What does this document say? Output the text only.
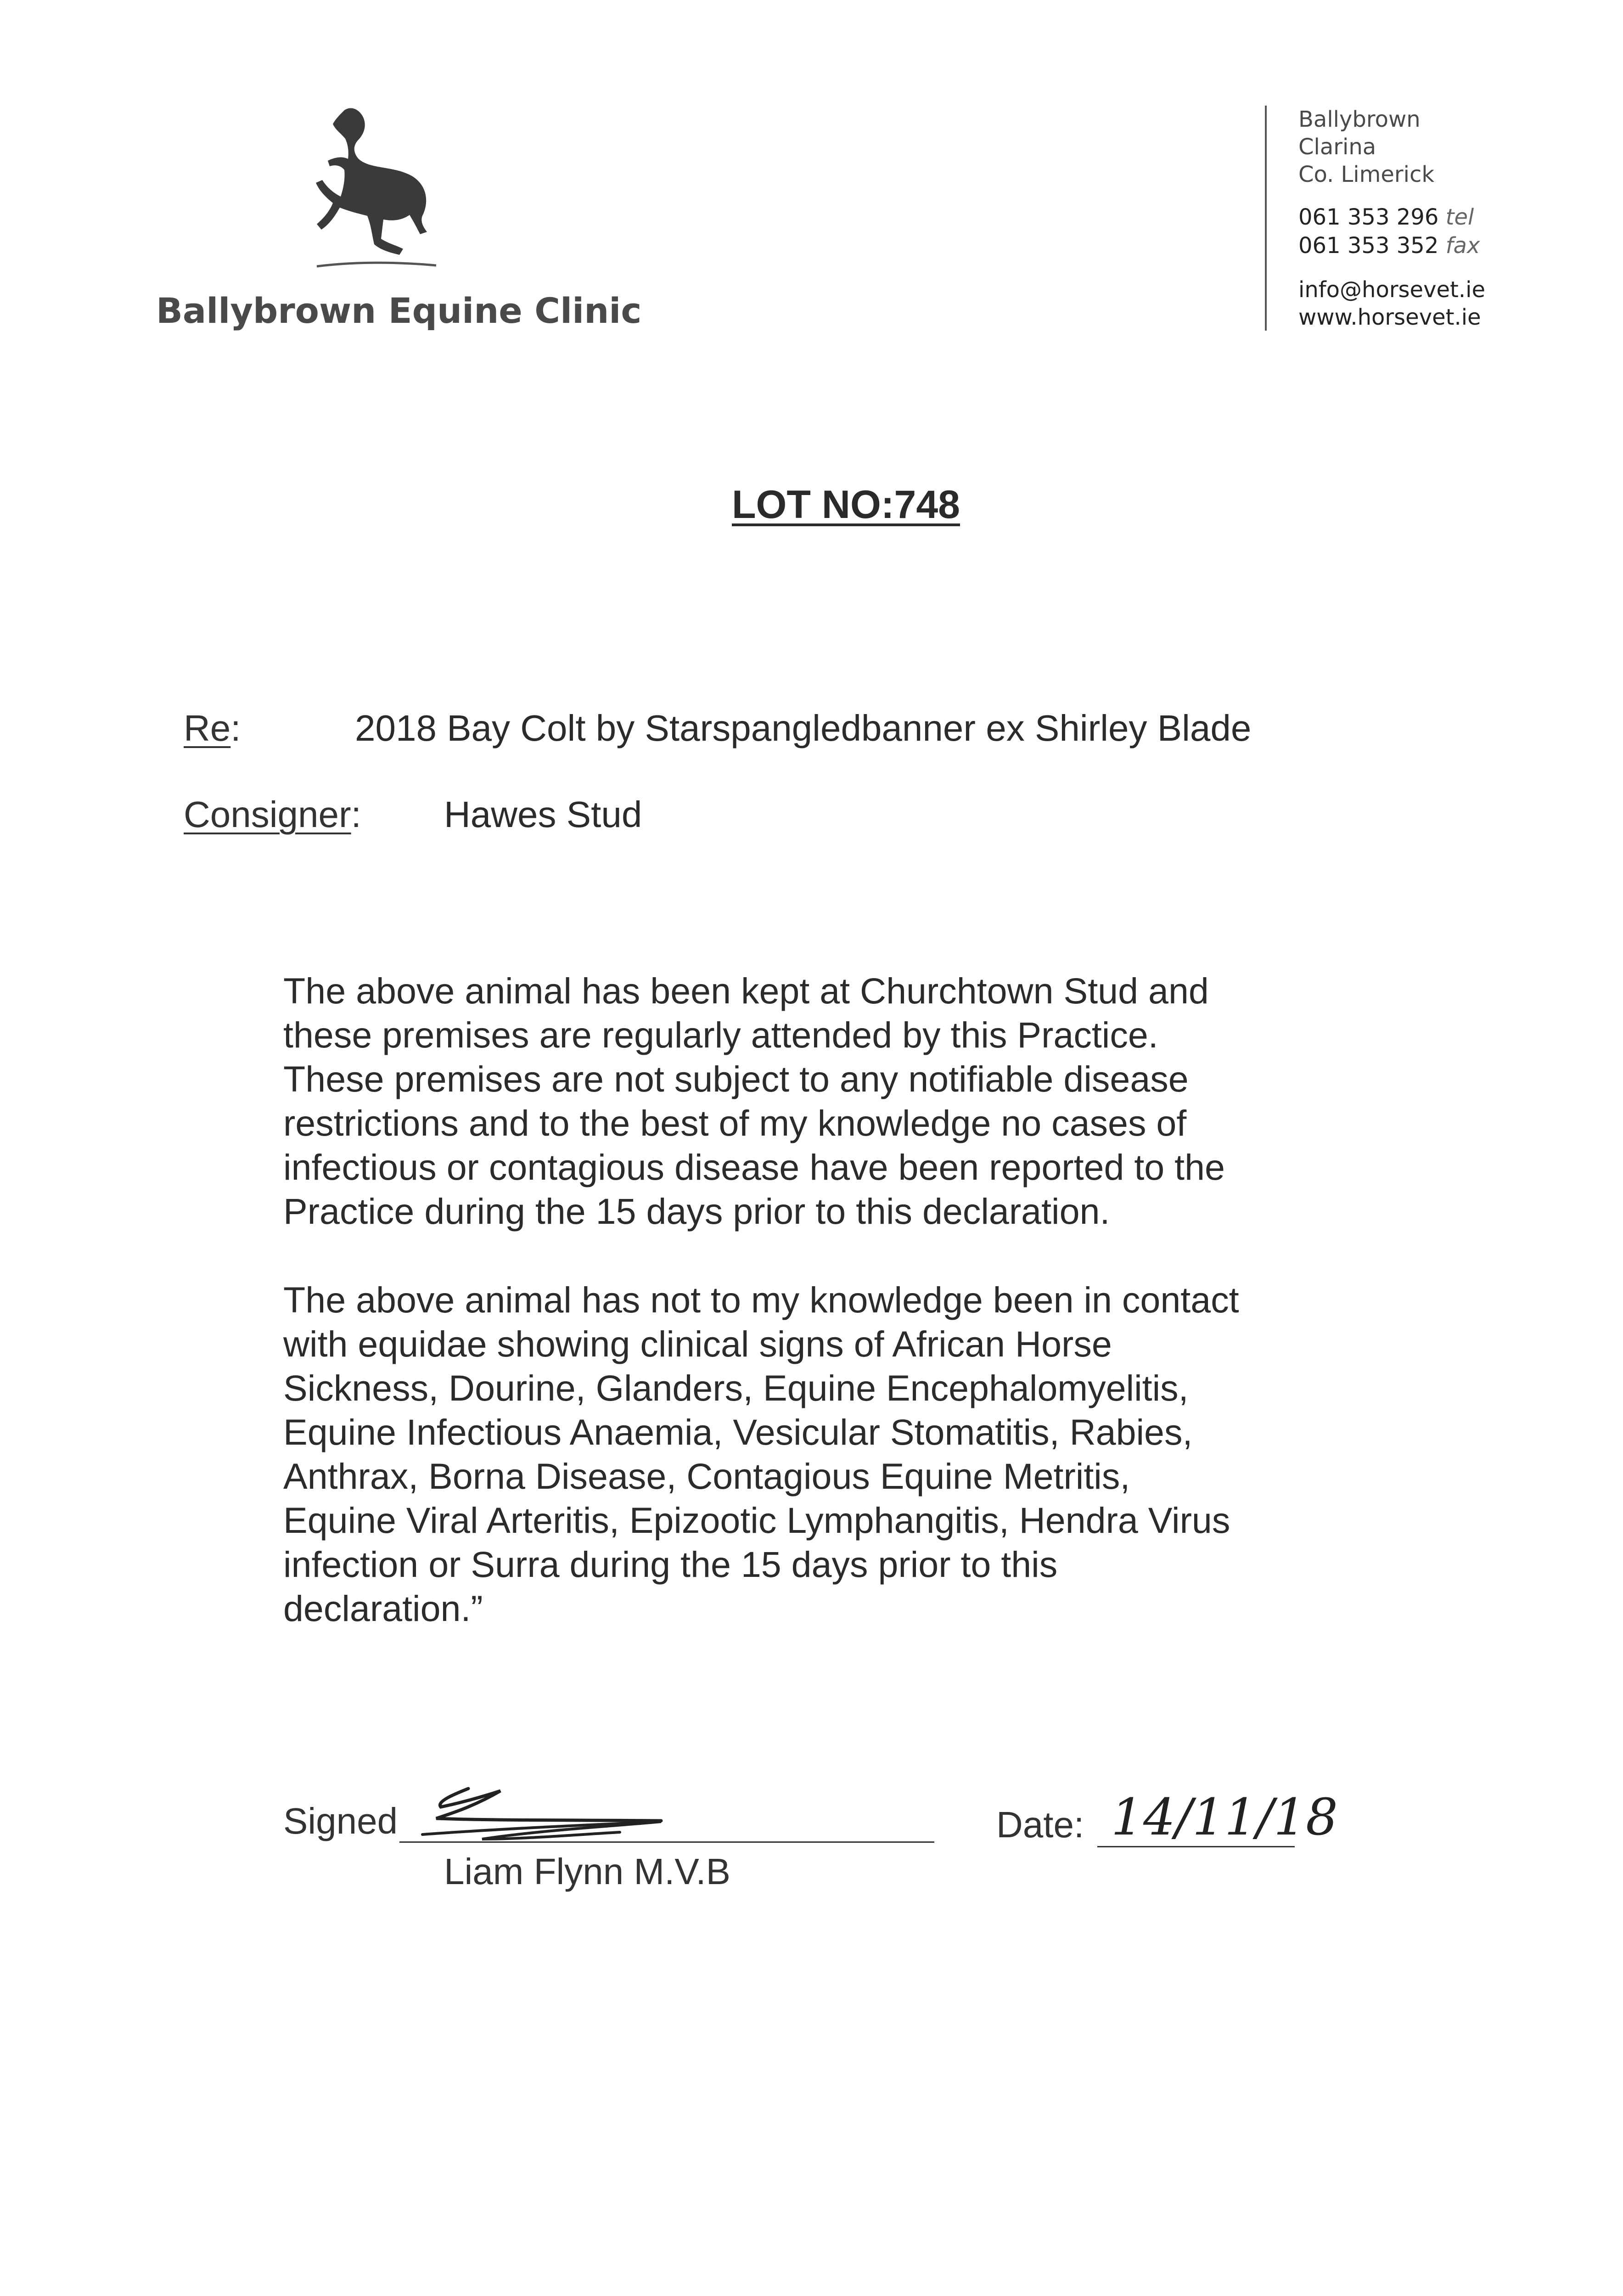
Ballybrown Equine Clinic
Ballybrown
Clarina
Co. Limerick
061 353 296 tel
061 353 352 fax
info@horsevet.ie
www.horsevet.ie
LOT NO:748
Re:	2018 Bay Colt by Starspangledbanner ex Shirley Blade
Consigner: Hawes Stud
The above animal has been kept at Churchtown Stud and
these premises are regularly attended by this Practice.
These premises are not subject to any notifiable disease
restrictions and to the best of my knowledge no cases of
infectious or contagious disease have been reported to the
Practice during the 15 days prior to this declaration.
The above animal has not to my knowledge been in contact
with equidae showing clinical signs of African Horse
Sickness, Dourine, Glanders, Equine Encephalomyelitis,
Equine Infectious Anaemia, Vesicular Stomatitis, Rabies,
Anthrax, Borna Disease, Contagious Equine Metritis,
Equine Viral Arteritis, Epizootic Lymphangitis, Hendra Virus
infection or Surra during the 15 days prior to this
declaration.”
Signed
Liam Flynn M.V.B
Date: 14/11/18
